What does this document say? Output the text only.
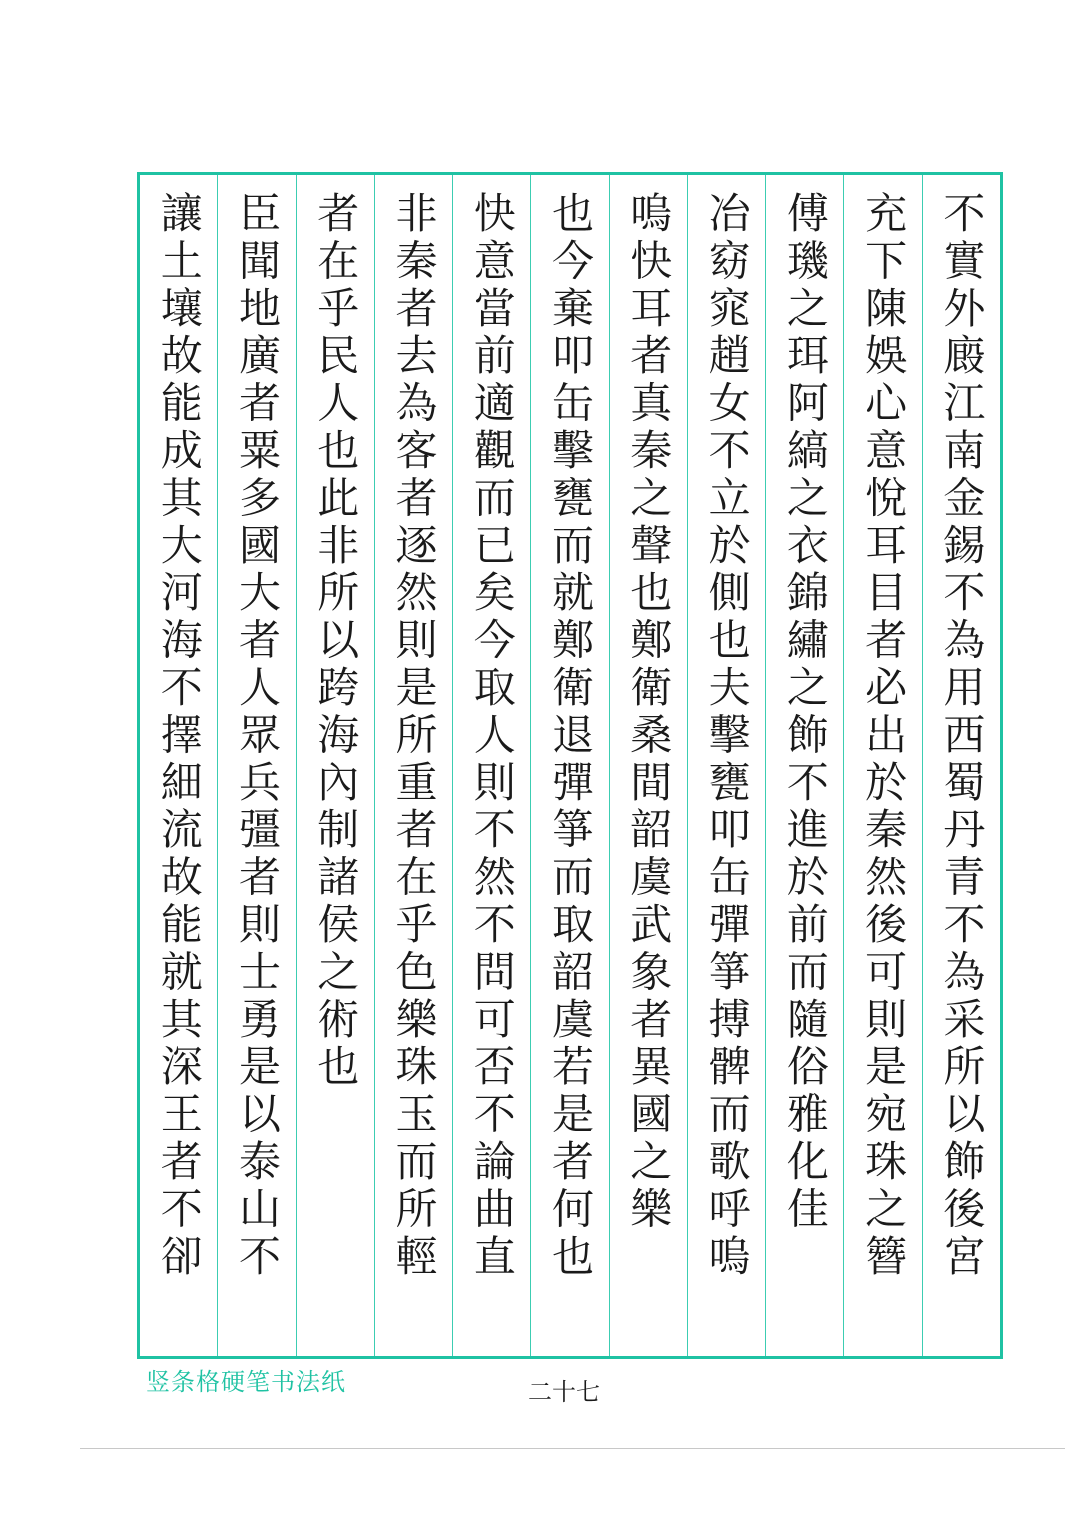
不實外廄江南金錫不為用西蜀丹青不為采所以飾後宮
充下陳娛心意悅耳目者必出於秦然後可則是宛珠之簪
傅璣之珥阿縞之衣錦繡之飾不進於前而隨俗雅化佳
冶窈窕趙女不立於側也夫擊甕叩缶彈箏搏髀而歌呼嗚
嗚快耳者真秦之聲也鄭衛桑間韶虞武象者異國之樂
也今棄叩缶擊甕而就鄭衛退彈箏而取韶虞若是者何也
快意當前適觀而已矣今取人則不然不問可否不論曲直
非秦者去為客者逐然則是所重者在乎色樂珠玉而所輕
者在乎民人也此非所以跨海內制諸侯之術也
臣聞地廣者粟多國大者人眾兵彊者則士勇是以泰山不
讓土壤故能成其大河海不擇細流故能就其深王者不卻
竖条格硬笔书法纸	二十七
